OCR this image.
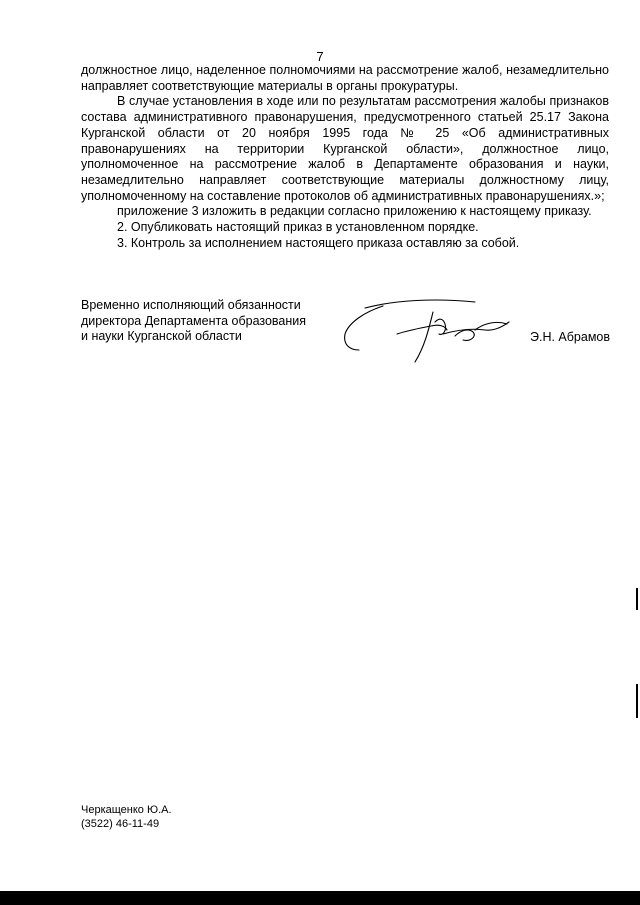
7

должностное лицо, наделенное полномочиями на рассмотрение жалоб, незамедлительно направляет соответствующие материалы в органы прокуратуры.

В случае установления в ходе или по результатам рассмотрения жалобы признаков состава административного правонарушения, предусмотренного статьей 25.17 Закона Курганской области от 20 ноября 1995 года № 25 «Об административных правонарушениях на территории Курганской области», должностное лицо, уполномоченное на рассмотрение жалоб в Департаменте образования и науки, незамедлительно направляет соответствующие материалы должностному лицу, уполномоченному на составление протоколов об административных правонарушениях.»;

приложение 3 изложить в редакции согласно приложению к настоящему приказу.

2. Опубликовать настоящий приказ в установленном порядке.

3. Контроль за исполнением настоящего приказа оставляю за собой.

Временно исполняющий обязанности
директора Департамента образования
и науки Курганской области	Э.Н. Абрамов
Черкащенко Ю.А.
(3522) 46-11-49
